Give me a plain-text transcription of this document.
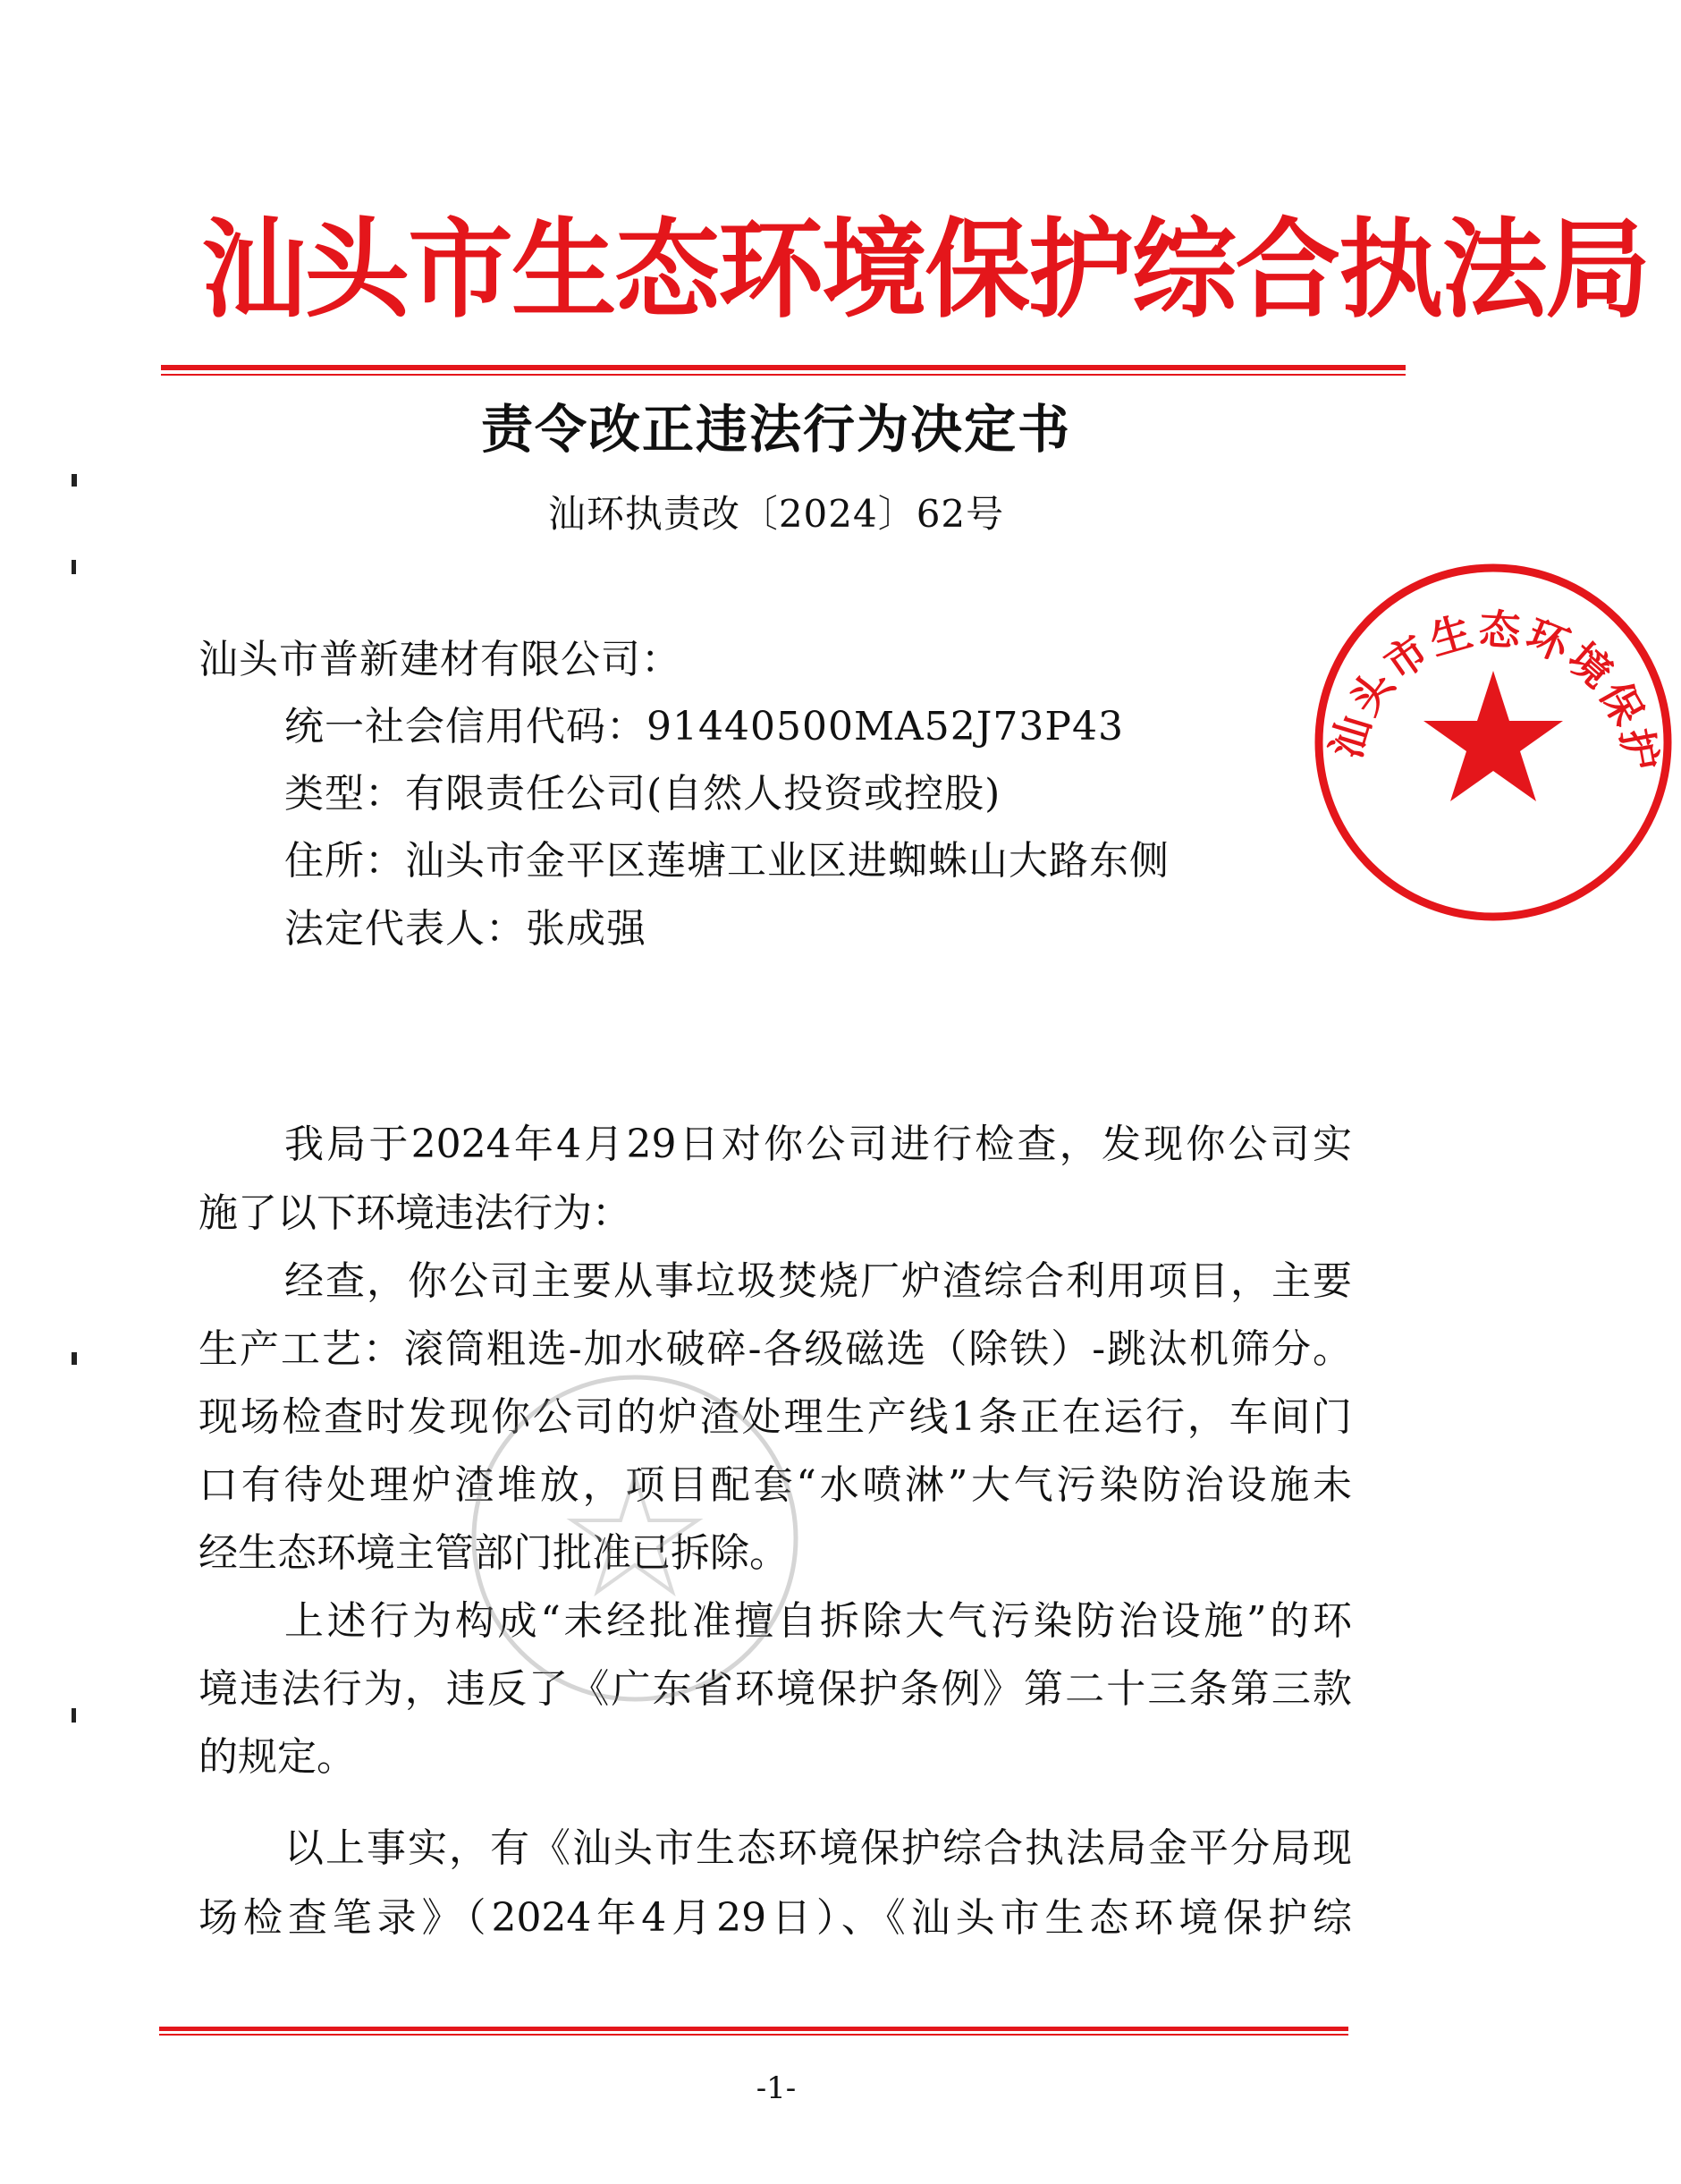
汕头市生态环境保护综合执法局
责令改正违法行为决定书
汕环执责改〔2024〕62号
汕头市普新建材有限公司：
统一社会信用代码：91440500MA52J73P43
类型：有限责任公司(自然人投资或控股)
住所：汕头市金平区莲塘工业区进蜘蛛山大路东侧
法定代表人：张成强
我局于2024年4月29日对你公司进行检查，发现你公司实
施了以下环境违法行为：
经查，你公司主要从事垃圾焚烧厂炉渣综合利用项目，主要
生产工艺：滚筒粗选-加水破碎-各级磁选（除铁）-跳汰机筛分。
现场检查时发现你公司的炉渣处理生产线1条正在运行，车间门
口有待处理炉渣堆放，项目配套“水喷淋”大气污染防治设施未
经生态环境主管部门批准已拆除。
上述行为构成“未经批准擅自拆除大气污染防治设施”的环
境违法行为，违反了《广东省环境保护条例》第二十三条第三款
的规定。
以上事实，有《汕头市生态环境保护综合执法局金平分局现
场检查笔录》（2024年4月29日）、《汕头市生态环境保护综
-1-
汕头市生态环境保护
